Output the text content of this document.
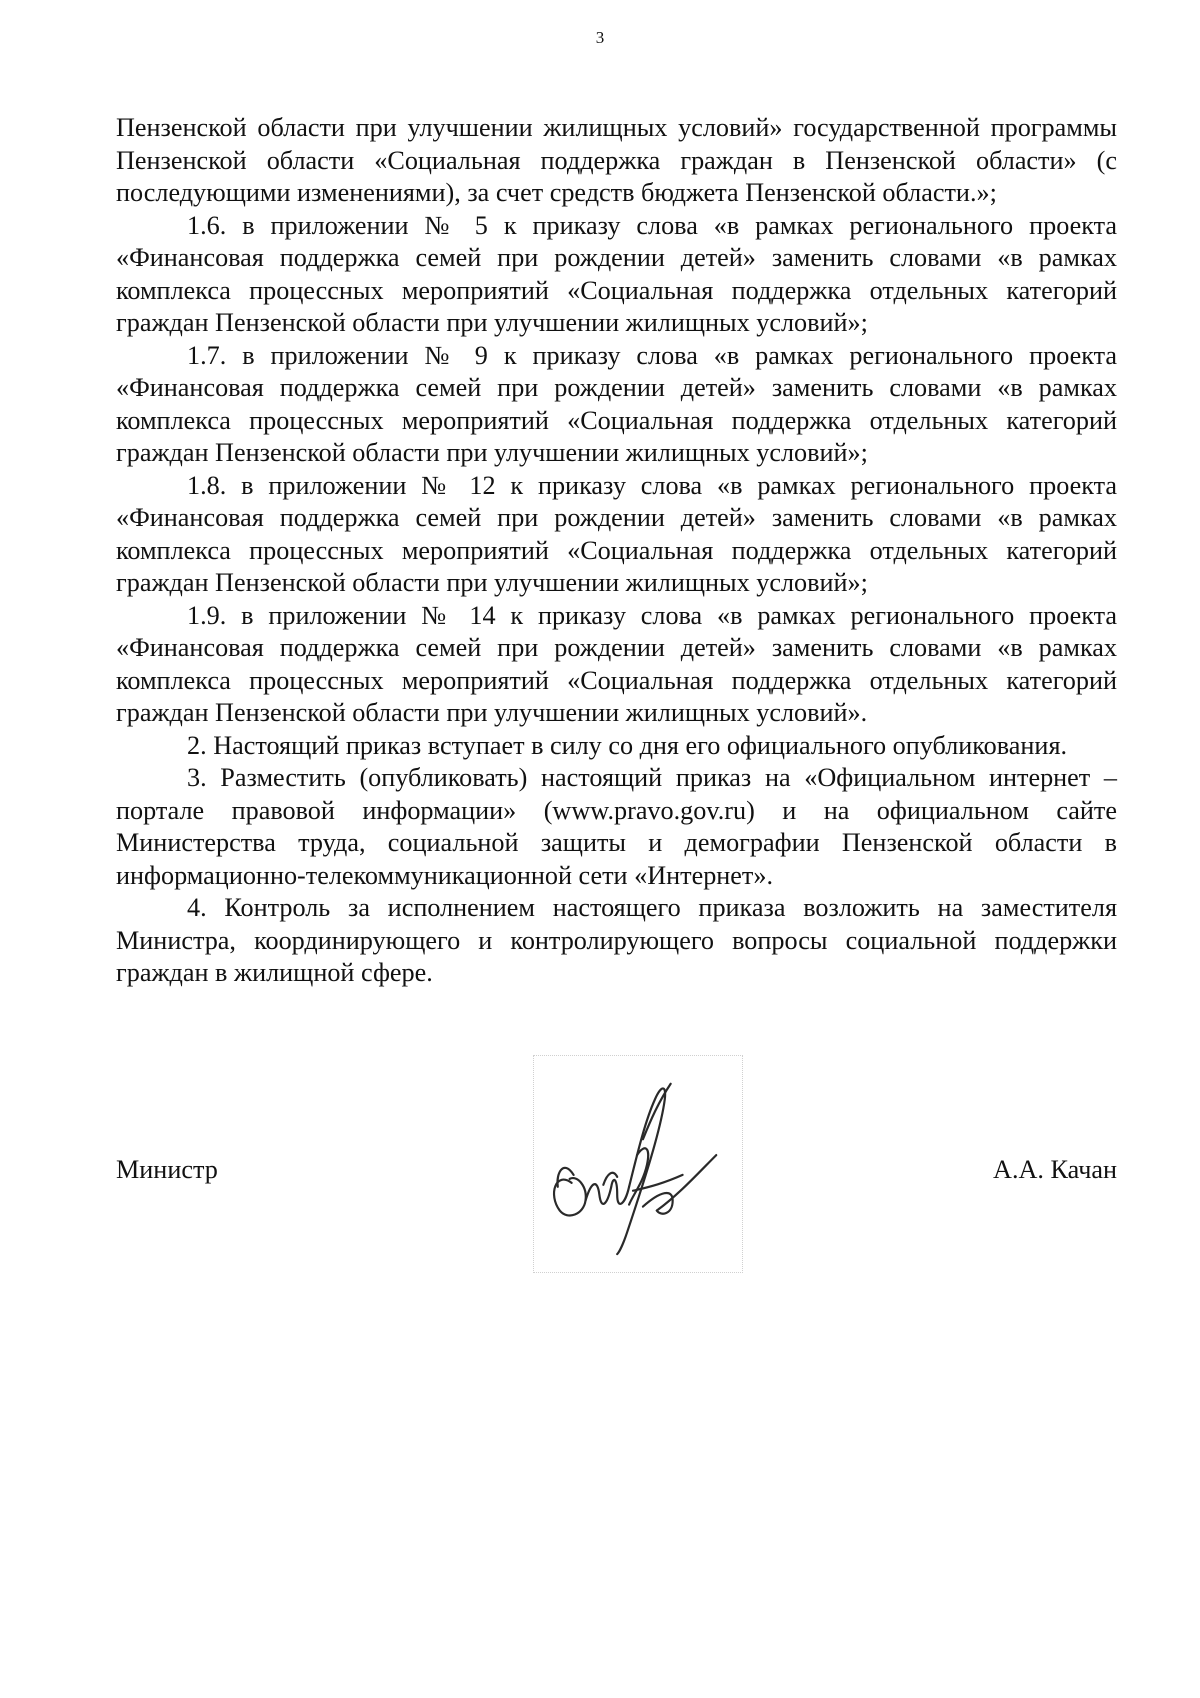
3

Пензенской области при улучшении жилищных условий» государственной программы Пензенской области «Социальная поддержка граждан в Пензенской области» (с последующими изменениями), за счет средств бюджета Пензенской области.»;

1.6. в приложении № 5 к приказу слова «в рамках регионального проекта «Финансовая поддержка семей при рождении детей» заменить словами «в рамках комплекса процессных мероприятий «Социальная поддержка отдельных категорий граждан Пензенской области при улучшении жилищных условий»;

1.7. в приложении № 9 к приказу слова «в рамках регионального проекта «Финансовая поддержка семей при рождении детей» заменить словами «в рамках комплекса процессных мероприятий «Социальная поддержка отдельных категорий граждан Пензенской области при улучшении жилищных условий»;

1.8. в приложении № 12 к приказу слова «в рамках регионального проекта «Финансовая поддержка семей при рождении детей» заменить словами «в рамках комплекса процессных мероприятий «Социальная поддержка отдельных категорий граждан Пензенской области при улучшении жилищных условий»;

1.9. в приложении № 14 к приказу слова «в рамках регионального проекта «Финансовая поддержка семей при рождении детей» заменить словами «в рамках комплекса процессных мероприятий «Социальная поддержка отдельных категорий граждан Пензенской области при улучшении жилищных условий».

2. Настоящий приказ вступает в силу со дня его официального опубликования.

3. Разместить (опубликовать) настоящий приказ на «Официальном интернет – портале правовой информации» (www.pravo.gov.ru) и на официальном сайте Министерства труда, социальной защиты и демографии Пензенской области в информационно-телекоммуникационной сети «Интернет».

4. Контроль за исполнением настоящего приказа возложить на заместителя Министра, координирующего и контролирующего вопросы социальной поддержки граждан в жилищной сфере.

Министр	А.А. Качан
